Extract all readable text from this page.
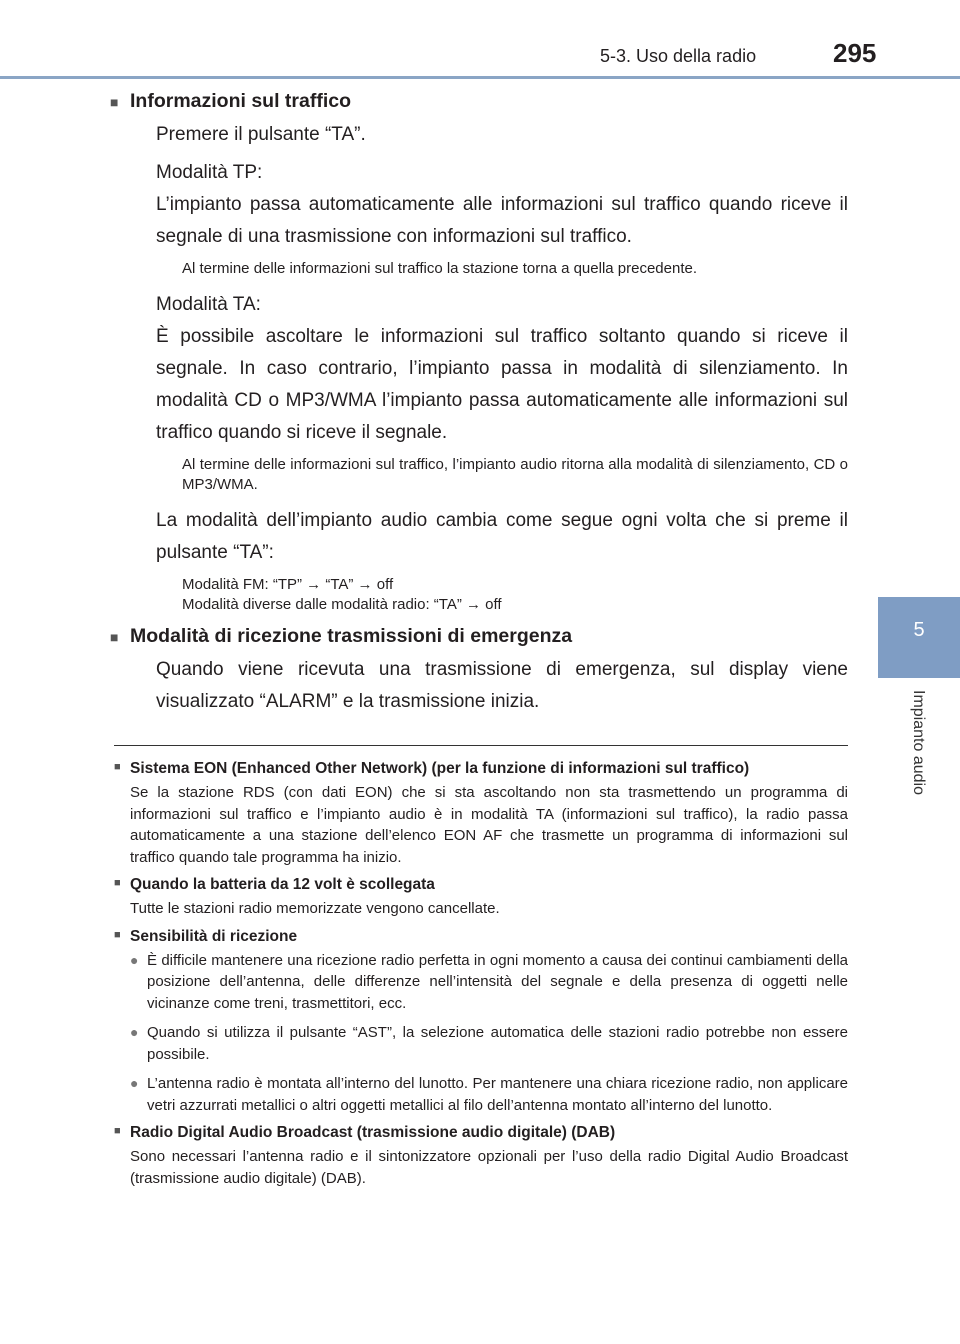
5-3. Uso della radio	295
5
Impianto audio
■ Informazioni sul traffico
Premere il pulsante “TA”.
Modalità TP:
L’impianto passa automaticamente alle informazioni sul traffico quando riceve il segnale di una trasmissione con informazioni sul traffico.
Al termine delle informazioni sul traffico la stazione torna a quella precedente.
Modalità TA:
È possibile ascoltare le informazioni sul traffico soltanto quando si riceve il segnale. In caso contrario, l’impianto passa in modalità di silenziamento. In modalità CD o MP3/WMA l’impianto passa automaticamente alle informazioni sul traffico quando si riceve il segnale.
Al termine delle informazioni sul traffico, l’impianto audio ritorna alla modalità di silenziamento, CD o MP3/WMA.
La modalità dell’impianto audio cambia come segue ogni volta che si preme il pulsante “TA”:
Modalità FM: “TP” → “TA” → off
Modalità diverse dalle modalità radio: “TA” → off
■ Modalità di ricezione trasmissioni di emergenza
Quando viene ricevuta una trasmissione di emergenza, sul display viene visualizzato “ALARM” e la trasmissione inizia.
■ Sistema EON (Enhanced Other Network) (per la funzione di informazioni sul traffico)
Se la stazione RDS (con dati EON) che si sta ascoltando non sta trasmettendo un programma di informazioni sul traffico e l’impianto audio è in modalità TA (informazioni sul traffico), la radio passa automaticamente a una stazione dell’elenco EON AF che trasmette un programma di informazioni sul traffico quando tale programma ha inizio.
■ Quando la batteria da 12 volt è scollegata
Tutte le stazioni radio memorizzate vengono cancellate.
■ Sensibilità di ricezione
● È difficile mantenere una ricezione radio perfetta in ogni momento a causa dei continui cambiamenti della posizione dell’antenna, delle differenze nell’intensità del segnale e della presenza di oggetti nelle vicinanze come treni, trasmettitori, ecc.
● Quando si utilizza il pulsante “AST”, la selezione automatica delle stazioni radio potrebbe non essere possibile.
● L’antenna radio è montata all’interno del lunotto. Per mantenere una chiara ricezione radio, non applicare vetri azzurrati metallici o altri oggetti metallici al filo dell’antenna montato all’interno del lunotto.
■ Radio Digital Audio Broadcast (trasmissione audio digitale) (DAB)
Sono necessari l’antenna radio e il sintonizzatore opzionali per l’uso della radio Digital Audio Broadcast (trasmissione audio digitale) (DAB).
